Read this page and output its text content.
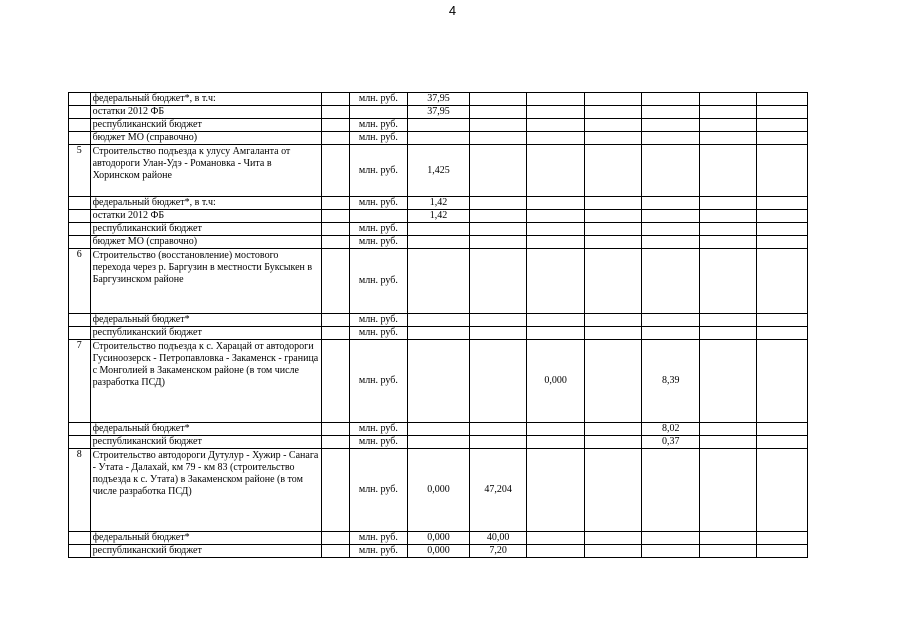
4
	федеральный бюджет*, в т.ч:		млн. руб.	37,95						
	остатки 2012 ФБ			37,95						
	республиканский бюджет		млн. руб.							
	бюджет МО (справочно)		млн. руб.							
5	Строительство подъезда к улусу Амгаланта от автодороги Улан-Удэ - Романовка - Чита в Хоринском районе		млн. руб.	1,425						
	федеральный бюджет*, в т.ч:		млн. руб.	1,42						
	остатки 2012 ФБ			1,42						
	республиканский бюджет		млн. руб.							
	бюджет МО (справочно)		млн. руб.							
6	Строительство (восстановление) мостового перехода через р. Баргузин в местности Буксыкен в Баргузинском районе		млн. руб.							
	федеральный бюджет*		млн. руб.							
	республиканский бюджет		млн. руб.							
7	Строительство подъезда к с. Харацай от автодороги Гусиноозерск - Петропавловка - Закаменск - граница с Монголией в Закаменском районе (в том числе разработка ПСД)		млн. руб.			0,000		8,39		
	федеральный бюджет*		млн. руб.					8,02		
	республиканский бюджет		млн. руб.					0,37		
8	Строительство автодороги Дутулур - Хужир - Санага - Утата - Далахай, км 79 - км 83 (строительство подъезда к с. Утата) в Закаменском районе (в том числе разработка ПСД)		млн. руб.	0,000	47,204					
	федеральный бюджет*		млн. руб.	0,000	40,00					
	республиканский бюджет		млн. руб.	0,000	7,20					
